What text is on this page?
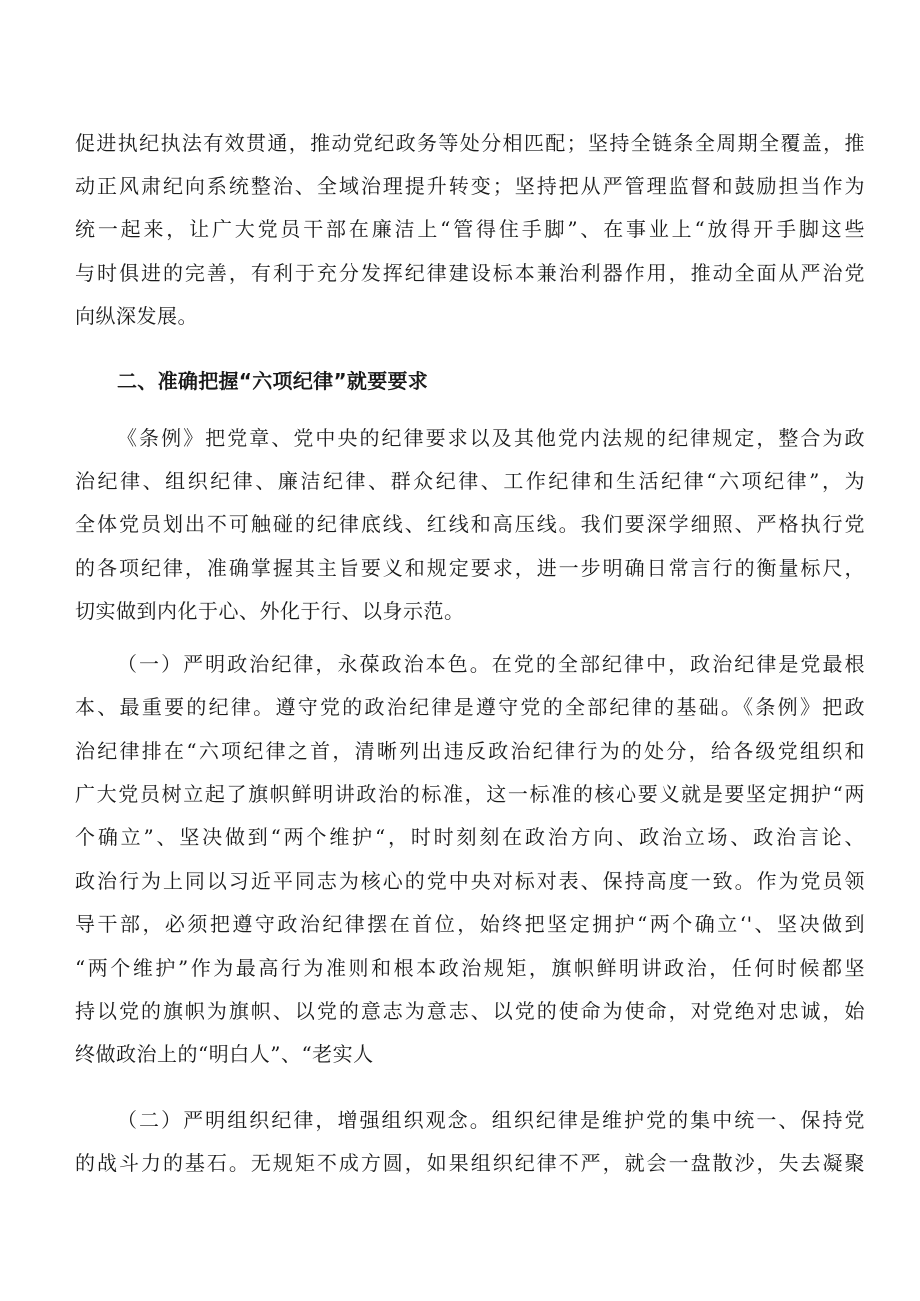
促进执纪执法有效贯通，推动党纪政务等处分相匹配；坚持全链条全周期全覆盖，推
动正风肃纪向系统整治、全域治理提升转变；坚持把从严管理监督和鼓励担当作为
统一起来，让广大党员干部在廉洁上“管得住手脚”、在事业上“放得开手脚这些
与时俱进的完善，有利于充分发挥纪律建设标本兼治利器作用，推动全面从严治党
向纵深发展。
二、准确把握“六项纪律”就要要求
《条例》把党章、党中央的纪律要求以及其他党内法规的纪律规定，整合为政
治纪律、组织纪律、廉洁纪律、群众纪律、工作纪律和生活纪律“六项纪律”，为
全体党员划出不可触碰的纪律底线、红线和高压线。我们要深学细照、严格执行党
的各项纪律，准确掌握其主旨要义和规定要求，进一步明确日常言行的衡量标尺，
切实做到内化于心、外化于行、以身示范。
（一）严明政治纪律，永葆政治本色。在党的全部纪律中，政治纪律是党最根
本、最重要的纪律。遵守党的政治纪律是遵守党的全部纪律的基础。《条例》把政
治纪律排在“六项纪律之首，清晰列出违反政治纪律行为的处分，给各级党组织和
广大党员树立起了旗帜鲜明讲政治的标准，这一标准的核心要义就是要坚定拥护“两
个确立”、坚决做到“两个维护“，时时刻刻在政治方向、政治立场、政治言论、
政治行为上同以习近平同志为核心的党中央对标对表、保持高度一致。作为党员领
导干部，必须把遵守政治纪律摆在首位，始终把坚定拥护“两个确立‘'、坚决做到
“两个维护”作为最高行为准则和根本政治规矩，旗帜鲜明讲政治，任何时候都坚
持以党的旗帜为旗帜、以党的意志为意志、以党的使命为使命，对党绝对忠诚，始
终做政治上的“明白人”、“老实人
（二）严明组织纪律，增强组织观念。组织纪律是维护党的集中统一、保持党
的战斗力的基石。无规矩不成方圆，如果组织纪律不严，就会一盘散沙，失去凝聚
